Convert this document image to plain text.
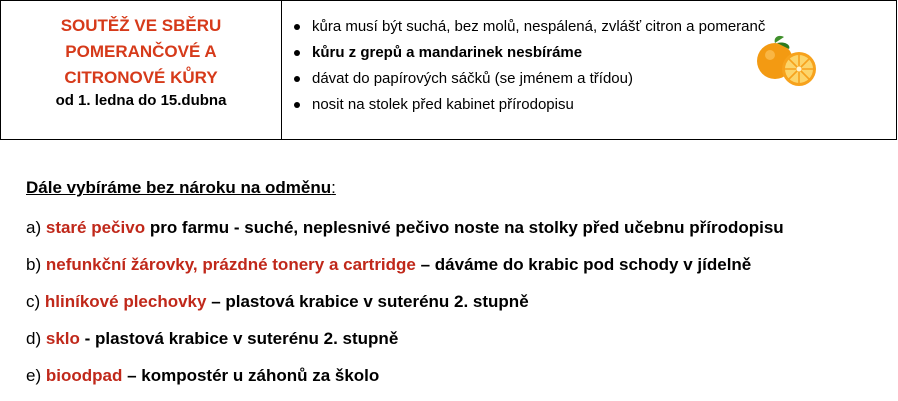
SOUTĚŽ VE SBĚRU
POMERANČOVÉ A
CITRONOVÉ KŮRY
od 1. ledna do 15.dubna
kůra musí být suchá, bez molů, nespálená, zvlášť citron a pomeranč
kůru z grepů a mandarinek nesbíráme
dávat do papírových sáčků (se jménem a třídou)
nosit na stolek před kabinet přírodopisu
Dále vybíráme bez nároku na odměnu:
a) staré pečivo pro farmu - suché, neplesnivé pečivo noste na stolky před učebnu přírodopisu
b) nefunkční žárovky, prázdné tonery a cartridge – dáváme do krabic pod schody v jídelně
c) hliníkové plechovky – plastová krabice v suterénu 2. stupně
d) sklo - plastová krabice v suterénu 2. stupně
e) bioodpad – kompostér u záhonů za školo
